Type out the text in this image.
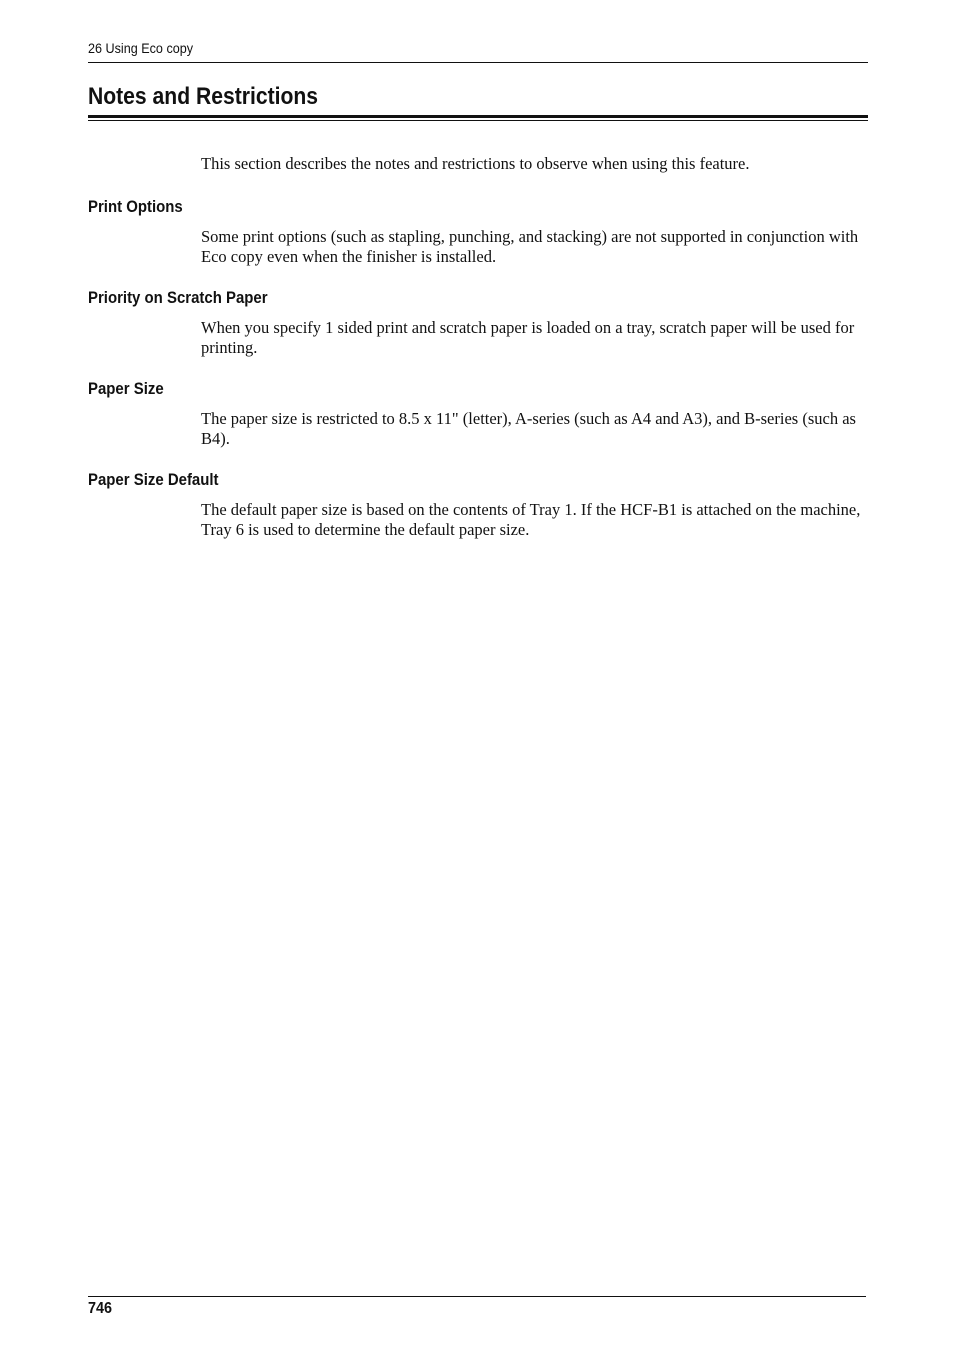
26 Using Eco copy
Notes and Restrictions

This section describes the notes and restrictions to observe when using this feature.

Print Options

Some print options (such as stapling, punching, and stacking) are not supported in conjunction with Eco copy even when the finisher is installed.

Priority on Scratch Paper

When you specify 1 sided print and scratch paper is loaded on a tray, scratch paper will be used for printing.

Paper Size

The paper size is restricted to 8.5 x 11" (letter), A-series (such as A4 and A3), and B-series (such as B4).

Paper Size Default

The default paper size is based on the contents of Tray 1. If the HCF-B1 is attached on the machine, Tray 6 is used to determine the default paper size.

746
